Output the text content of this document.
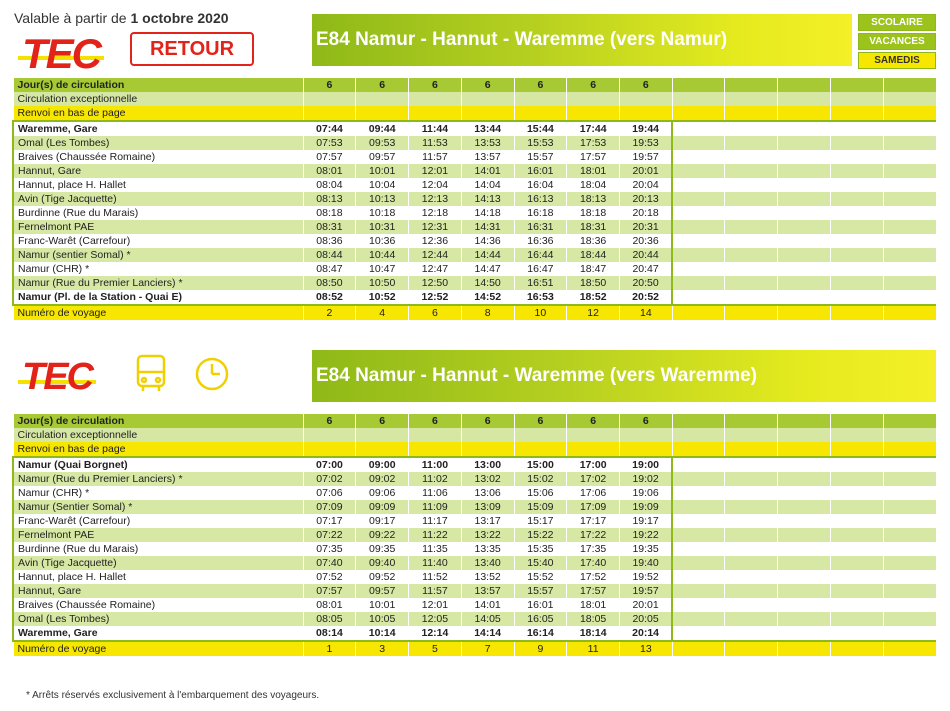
Valable à partir de 1 octobre 2020
TEC	RETOUR	E84 Namur - Hannut - Waremme (vers Namur)
SCOLAIRE
VACANCES
SAMEDIS
Jour(s) de circulation	6	6	6	6	6	6	6					
Circulation exceptionnelle												
Renvoi en bas de page												
Waremme, Gare	07:44	09:44	11:44	13:44	15:44	17:44	19:44					
Omal (Les Tombes)	07:53	09:53	11:53	13:53	15:53	17:53	19:53					
Braives (Chaussée Romaine)	07:57	09:57	11:57	13:57	15:57	17:57	19:57					
Hannut, Gare	08:01	10:01	12:01	14:01	16:01	18:01	20:01					
Hannut, place H. Hallet	08:04	10:04	12:04	14:04	16:04	18:04	20:04					
Avin (Tige Jacquette)	08:13	10:13	12:13	14:13	16:13	18:13	20:13					
Burdinne (Rue du Marais)	08:18	10:18	12:18	14:18	16:18	18:18	20:18					
Fernelmont PAE	08:31	10:31	12:31	14:31	16:31	18:31	20:31					
Franc-Warêt (Carrefour)	08:36	10:36	12:36	14:36	16:36	18:36	20:36					
Namur (sentier Somal) *	08:44	10:44	12:44	14:44	16:44	18:44	20:44					
Namur (CHR) *	08:47	10:47	12:47	14:47	16:47	18:47	20:47					
Namur (Rue du Premier Lanciers) *	08:50	10:50	12:50	14:50	16:51	18:50	20:50					
Namur (Pl. de la Station - Quai E)	08:52	10:52	12:52	14:52	16:53	18:52	20:52					
Numéro de voyage	2	4	6	8	10	12	14					
TEC	E84 Namur - Hannut - Waremme (vers Waremme)
Jour(s) de circulation	6	6	6	6	6	6	6					
Circulation exceptionnelle												
Renvoi en bas de page												
Namur (Quai Borgnet)	07:00	09:00	11:00	13:00	15:00	17:00	19:00					
Namur (Rue du Premier Lanciers) *	07:02	09:02	11:02	13:02	15:02	17:02	19:02					
Namur (CHR) *	07:06	09:06	11:06	13:06	15:06	17:06	19:06					
Namur (Sentier Somal) *	07:09	09:09	11:09	13:09	15:09	17:09	19:09					
Franc-Warêt (Carrefour)	07:17	09:17	11:17	13:17	15:17	17:17	19:17					
Fernelmont PAE	07:22	09:22	11:22	13:22	15:22	17:22	19:22					
Burdinne (Rue du Marais)	07:35	09:35	11:35	13:35	15:35	17:35	19:35					
Avin (Tige Jacquette)	07:40	09:40	11:40	13:40	15:40	17:40	19:40					
Hannut, place H. Hallet	07:52	09:52	11:52	13:52	15:52	17:52	19:52					
Hannut, Gare	07:57	09:57	11:57	13:57	15:57	17:57	19:57					
Braives (Chaussée Romaine)	08:01	10:01	12:01	14:01	16:01	18:01	20:01					
Omal (Les Tombes)	08:05	10:05	12:05	14:05	16:05	18:05	20:05					
Waremme, Gare	08:14	10:14	12:14	14:14	16:14	18:14	20:14					
Numéro de voyage	1	3	5	7	9	11	13					
* Arrêts réservés exclusivement à l'embarquement des voyageurs.
